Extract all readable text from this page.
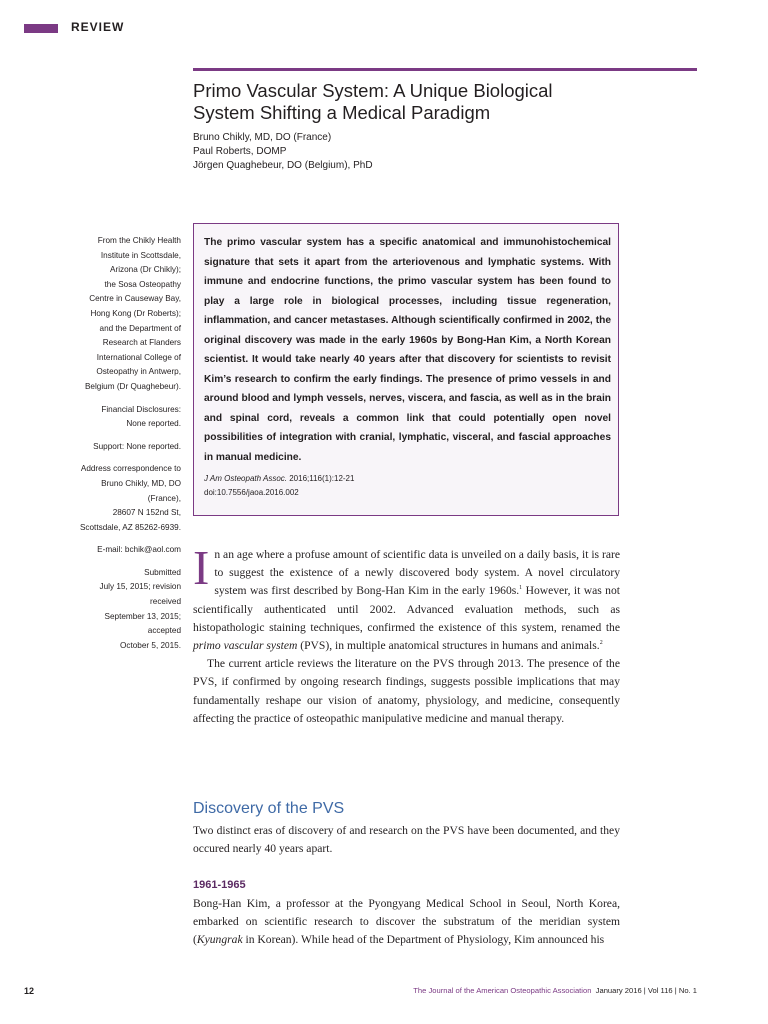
REVIEW
Primo Vascular System: A Unique Biological
System Shifting a Medical Paradigm
Bruno Chikly, MD, DO (France)
Paul Roberts, DOMP
Jörgen Quaghebeur, DO (Belgium), PhD

From the Chikly Health
Institute in Scottsdale,
Arizona (Dr Chikly);
the Sosa Osteopathy
Centre in Causeway Bay,
Hong Kong (Dr Roberts);
and the Department of
Research at Flanders
International College of
Osteopathy in Antwerp,
Belgium (Dr Quaghebeur).

Financial Disclosures:
None reported.

Support: None reported.

Address correspondence to
Bruno Chikly, MD, DO
(France),
28607 N 152nd St,
Scottsdale, AZ 85262-6939.

E-mail: bchik@aol.com

Submitted
July 15, 2015; revision
received
September 13, 2015;
accepted
October 5, 2015.

The primo vascular system has a specific anatomical and immunohistochemical signature that sets it apart from the arteriovenous and lymphatic systems. With immune and endocrine functions, the primo vascular system has been found to play a large role in biological processes, including tissue regeneration, inflammation, and cancer metastases. Although scientifically confirmed in 2002, the original discovery was made in the early 1960s by Bong-Han Kim, a North Korean scientist. It would take nearly 40 years after that discovery for scientists to revisit Kim’s research to confirm the early findings. The presence of primo vessels in and around blood and lymph vessels, nerves, viscera, and fascia, as well as in the brain and spinal cord, reveals a common link that could potentially open novel possibilities of integration with cranial, lymphatic, visceral, and fascial approaches in manual medicine.

J Am Osteopath Assoc. 2016;116(1):12-21
doi:10.7556/jaoa.2016.002

In an age where a profuse amount of scientific data is unveiled on a daily basis, it is rare to suggest the existence of a newly discovered body system. A novel circulatory system was first described by Bong-Han Kim in the early 1960s.$^1$ However, it was not scientifically authenticated until 2002. Advanced evaluation methods, such as histopathologic staining techniques, confirmed the existence of this system, renamed the primo vascular system (PVS), in multiple anatomical structures in humans and animals.$^2$

The current article reviews the literature on the PVS through 2013. The presence of the PVS, if confirmed by ongoing research findings, suggests possible implications that may fundamentally reshape our vision of anatomy, physiology, and medicine, consequently affecting the practice of osteopathic manipulative medicine and manual therapy.

Discovery of the PVS

Two distinct eras of discovery of and research on the PVS have been documented, and they occured nearly 40 years apart.

1961-1965

Bong-Han Kim, a professor at the Pyongyang Medical School in Seoul, North Korea, embarked on scientific research to discover the substratum of the meridian system (Kyungrak in Korean). While head of the Department of Physiology, Kim announced his

12	The Journal of the American Osteopathic Association January 2016 | Vol 116 | No. 1
